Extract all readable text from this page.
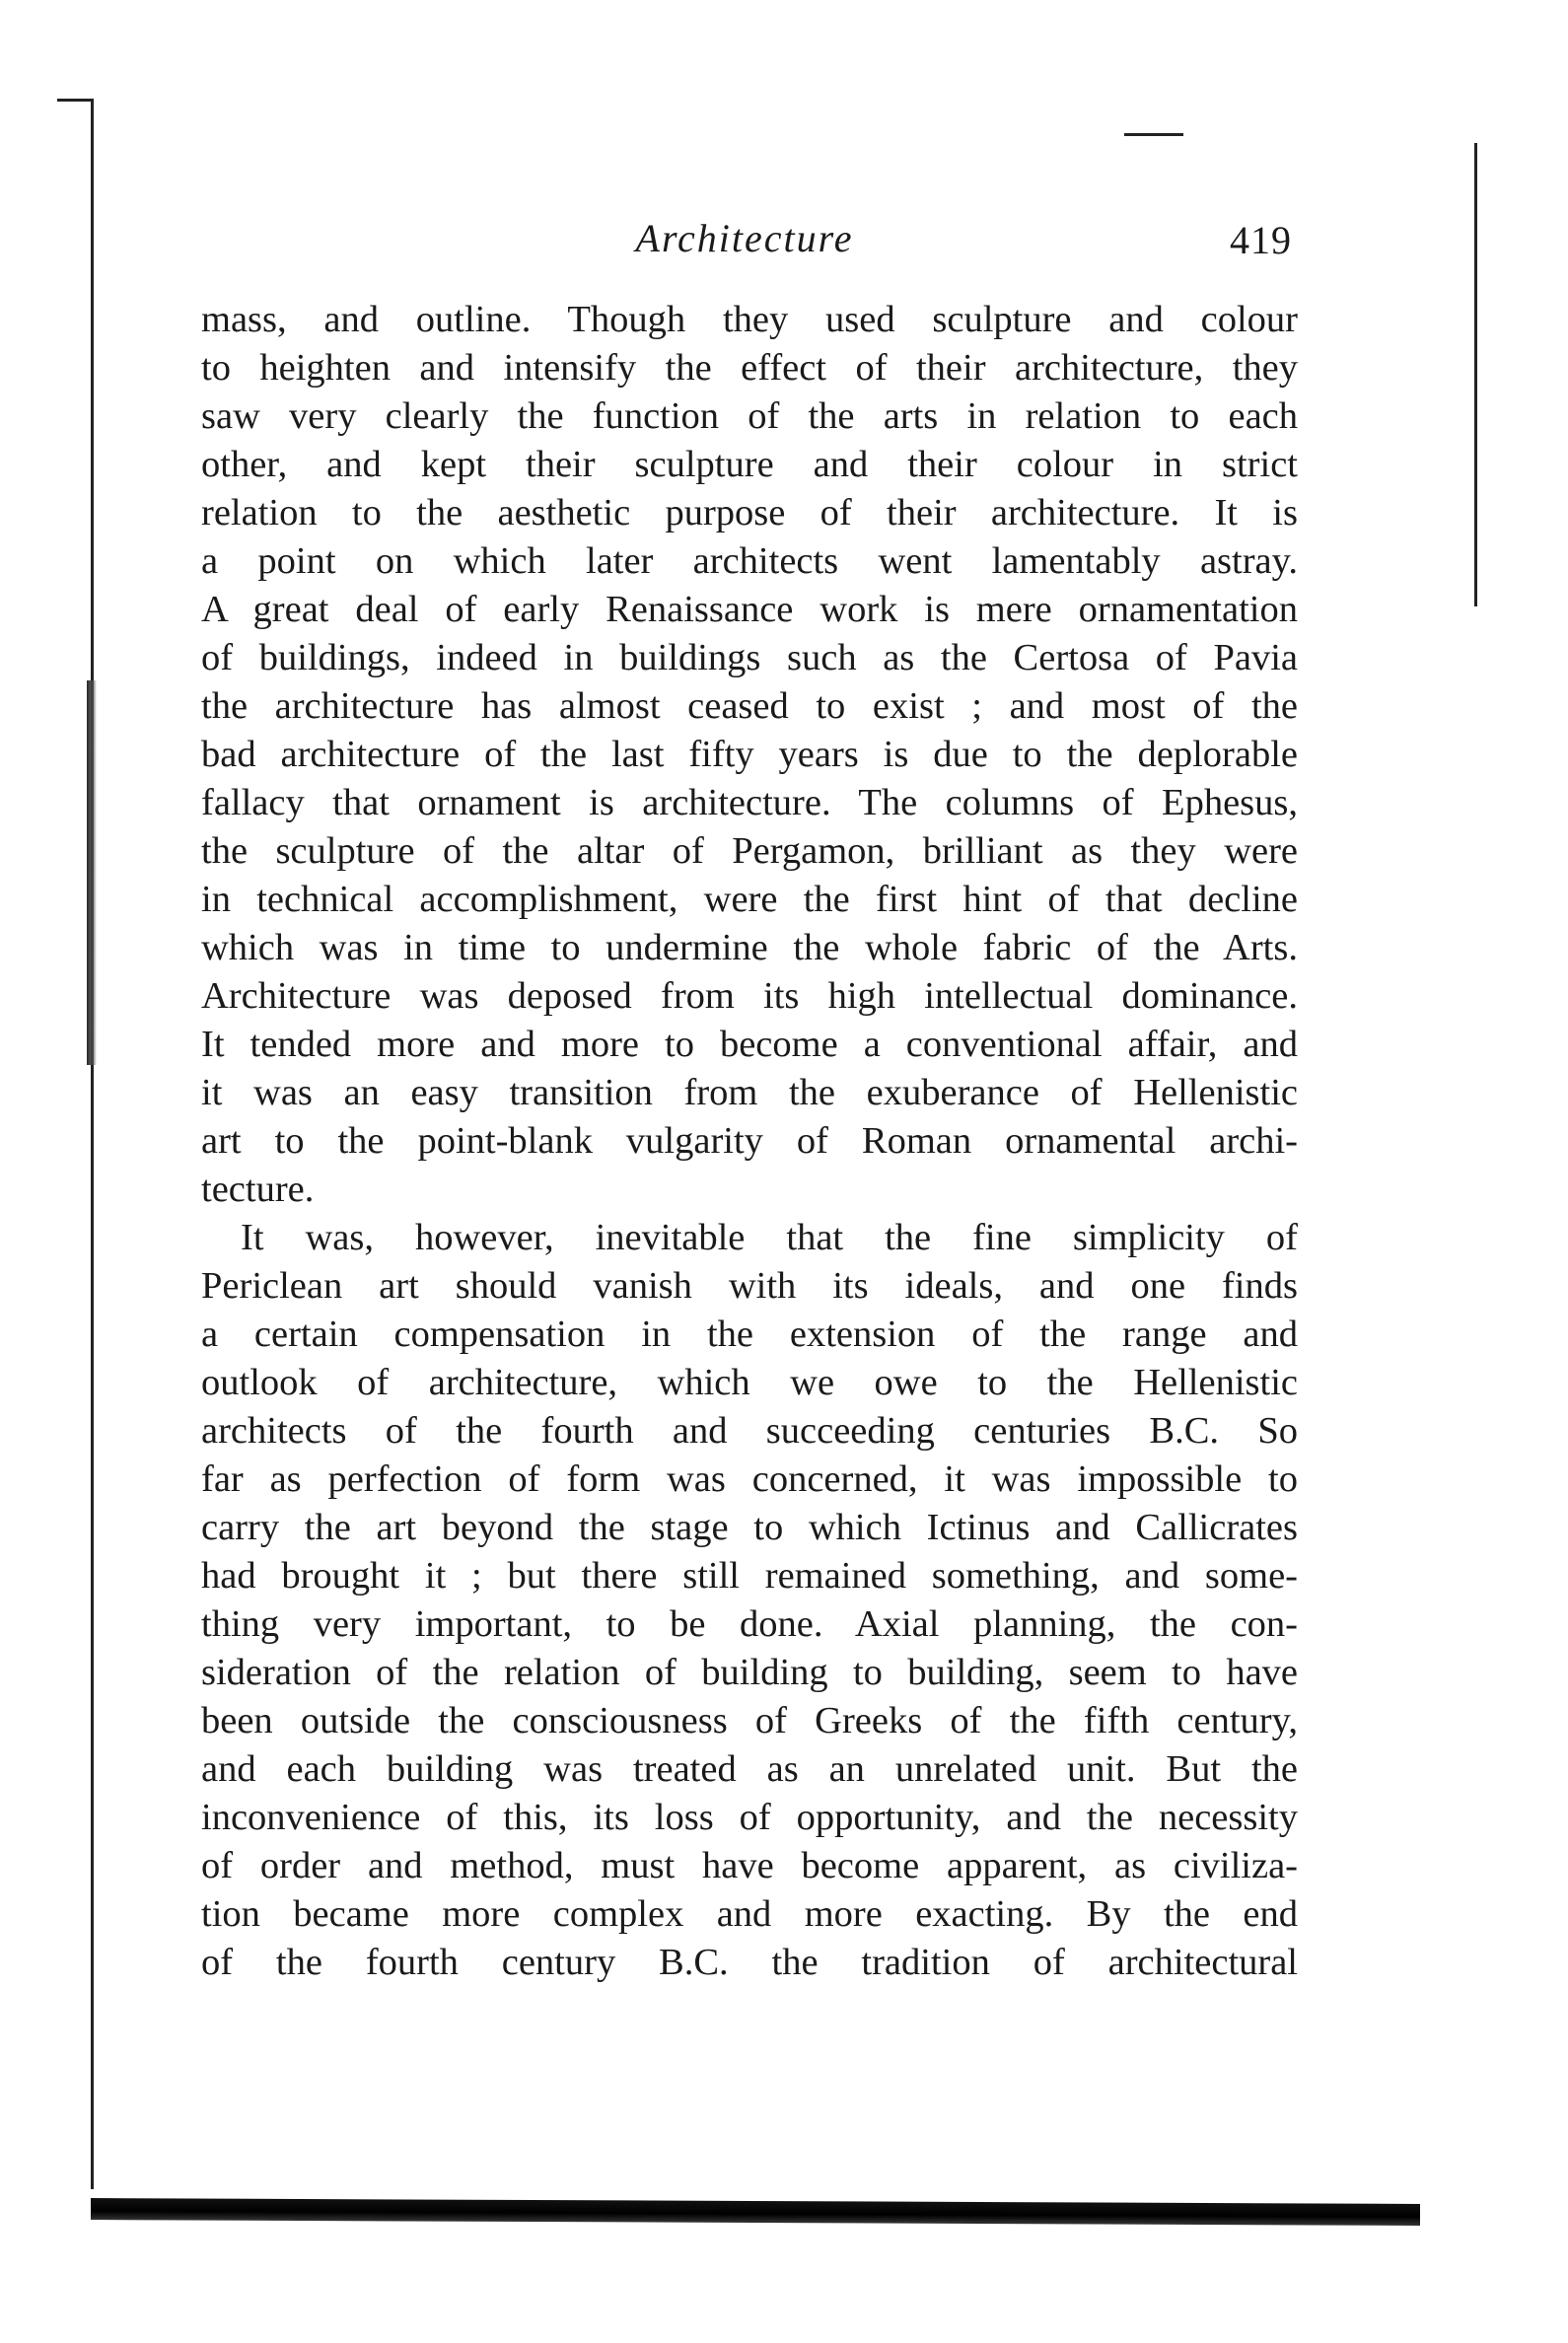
Architecture	419
mass, and outline. Though they used sculpture and colour
to heighten and intensify the effect of their architecture, they
saw very clearly the function of the arts in relation to each
other, and kept their sculpture and their colour in strict
relation to the aesthetic purpose of their architecture. It is
a point on which later architects went lamentably astray.
A great deal of early Renaissance work is mere ornamentation
of buildings, indeed in buildings such as the Certosa of Pavia
the architecture has almost ceased to exist ; and most of the
bad architecture of the last fifty years is due to the deplorable
fallacy that ornament is architecture. The columns of Ephesus,
the sculpture of the altar of Pergamon, brilliant as they were
in technical accomplishment, were the first hint of that decline
which was in time to undermine the whole fabric of the Arts.
Architecture was deposed from its high intellectual dominance.
It tended more and more to become a conventional affair, and
it was an easy transition from the exuberance of Hellenistic
art to the point-blank vulgarity of Roman ornamental archi-
tecture.
It was, however, inevitable that the fine simplicity of
Periclean art should vanish with its ideals, and one finds
a certain compensation in the extension of the range and
outlook of architecture, which we owe to the Hellenistic
architects of the fourth and succeeding centuries B.C. So
far as perfection of form was concerned, it was impossible to
carry the art beyond the stage to which Ictinus and Callicrates
had brought it ; but there still remained something, and some-
thing very important, to be done. Axial planning, the con-
sideration of the relation of building to building, seem to have
been outside the consciousness of Greeks of the fifth century,
and each building was treated as an unrelated unit. But the
inconvenience of this, its loss of opportunity, and the necessity
of order and method, must have become apparent, as civiliza-
tion became more complex and more exacting. By the end
of the fourth century B.C. the tradition of architectural
